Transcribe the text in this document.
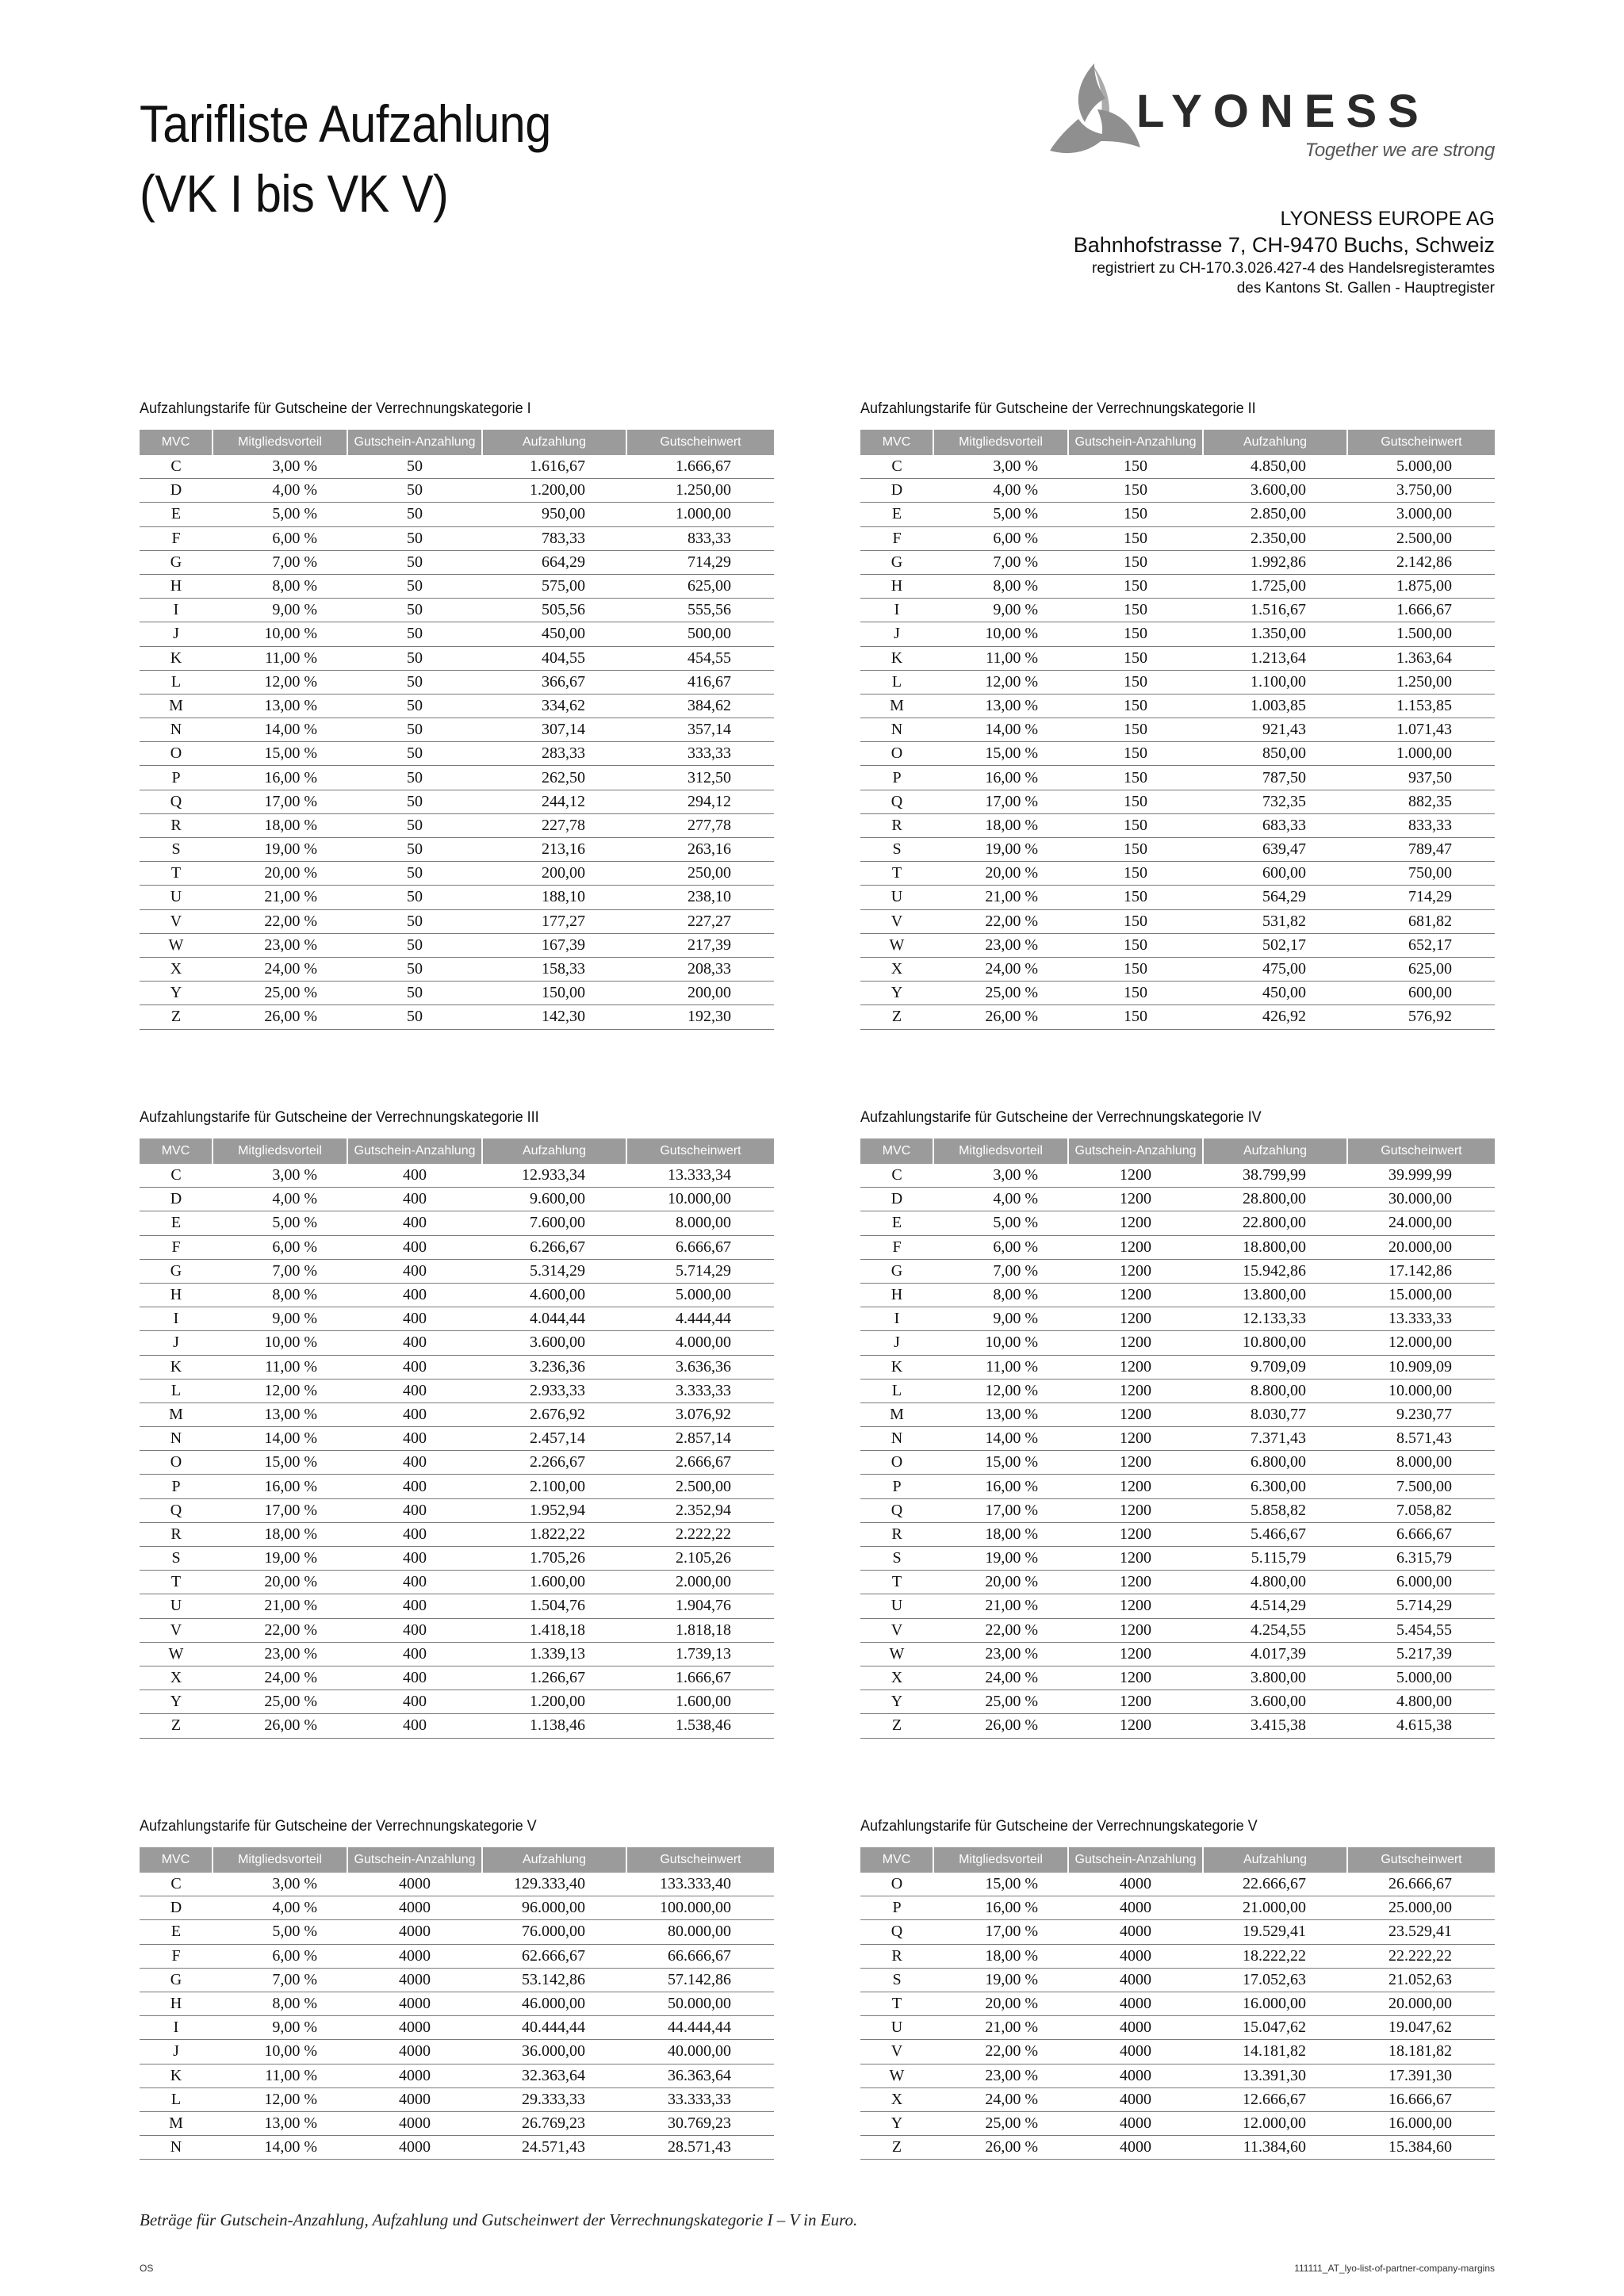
Tarifliste Aufzahlung
(VK I bis VK V)
LYONESS
Together we are strong
LYONESS EUROPE AG
Bahnhofstrasse 7, CH-9470 Buchs, Schweiz
registriert zu CH-170.3.026.427-4 des Handelsregisteramtes
des Kantons St. Gallen - Hauptregister
Aufzahlungstarife für Gutscheine der Verrechnungskategorie I
MVC	Mitgliedsvorteil	Gutschein-Anzahlung	Aufzahlung	Gutscheinwert
C	3,00 %	50	1.616,67	1.666,67
D	4,00 %	50	1.200,00	1.250,00
E	5,00 %	50	950,00	1.000,00
F	6,00 %	50	783,33	833,33
G	7,00 %	50	664,29	714,29
H	8,00 %	50	575,00	625,00
I	9,00 %	50	505,56	555,56
J	10,00 %	50	450,00	500,00
K	11,00 %	50	404,55	454,55
L	12,00 %	50	366,67	416,67
M	13,00 %	50	334,62	384,62
N	14,00 %	50	307,14	357,14
O	15,00 %	50	283,33	333,33
P	16,00 %	50	262,50	312,50
Q	17,00 %	50	244,12	294,12
R	18,00 %	50	227,78	277,78
S	19,00 %	50	213,16	263,16
T	20,00 %	50	200,00	250,00
U	21,00 %	50	188,10	238,10
V	22,00 %	50	177,27	227,27
W	23,00 %	50	167,39	217,39
X	24,00 %	50	158,33	208,33
Y	25,00 %	50	150,00	200,00
Z	26,00 %	50	142,30	192,30
Aufzahlungstarife für Gutscheine der Verrechnungskategorie II
MVC	Mitgliedsvorteil	Gutschein-Anzahlung	Aufzahlung	Gutscheinwert
C	3,00 %	150	4.850,00	5.000,00
D	4,00 %	150	3.600,00	3.750,00
E	5,00 %	150	2.850,00	3.000,00
F	6,00 %	150	2.350,00	2.500,00
G	7,00 %	150	1.992,86	2.142,86
H	8,00 %	150	1.725,00	1.875,00
I	9,00 %	150	1.516,67	1.666,67
J	10,00 %	150	1.350,00	1.500,00
K	11,00 %	150	1.213,64	1.363,64
L	12,00 %	150	1.100,00	1.250,00
M	13,00 %	150	1.003,85	1.153,85
N	14,00 %	150	921,43	1.071,43
O	15,00 %	150	850,00	1.000,00
P	16,00 %	150	787,50	937,50
Q	17,00 %	150	732,35	882,35
R	18,00 %	150	683,33	833,33
S	19,00 %	150	639,47	789,47
T	20,00 %	150	600,00	750,00
U	21,00 %	150	564,29	714,29
V	22,00 %	150	531,82	681,82
W	23,00 %	150	502,17	652,17
X	24,00 %	150	475,00	625,00
Y	25,00 %	150	450,00	600,00
Z	26,00 %	150	426,92	576,92
Aufzahlungstarife für Gutscheine der Verrechnungskategorie III
MVC	Mitgliedsvorteil	Gutschein-Anzahlung	Aufzahlung	Gutscheinwert
C	3,00 %	400	12.933,34	13.333,34
D	4,00 %	400	9.600,00	10.000,00
E	5,00 %	400	7.600,00	8.000,00
F	6,00 %	400	6.266,67	6.666,67
G	7,00 %	400	5.314,29	5.714,29
H	8,00 %	400	4.600,00	5.000,00
I	9,00 %	400	4.044,44	4.444,44
J	10,00 %	400	3.600,00	4.000,00
K	11,00 %	400	3.236,36	3.636,36
L	12,00 %	400	2.933,33	3.333,33
M	13,00 %	400	2.676,92	3.076,92
N	14,00 %	400	2.457,14	2.857,14
O	15,00 %	400	2.266,67	2.666,67
P	16,00 %	400	2.100,00	2.500,00
Q	17,00 %	400	1.952,94	2.352,94
R	18,00 %	400	1.822,22	2.222,22
S	19,00 %	400	1.705,26	2.105,26
T	20,00 %	400	1.600,00	2.000,00
U	21,00 %	400	1.504,76	1.904,76
V	22,00 %	400	1.418,18	1.818,18
W	23,00 %	400	1.339,13	1.739,13
X	24,00 %	400	1.266,67	1.666,67
Y	25,00 %	400	1.200,00	1.600,00
Z	26,00 %	400	1.138,46	1.538,46
Aufzahlungstarife für Gutscheine der Verrechnungskategorie IV
MVC	Mitgliedsvorteil	Gutschein-Anzahlung	Aufzahlung	Gutscheinwert
C	3,00 %	1200	38.799,99	39.999,99
D	4,00 %	1200	28.800,00	30.000,00
E	5,00 %	1200	22.800,00	24.000,00
F	6,00 %	1200	18.800,00	20.000,00
G	7,00 %	1200	15.942,86	17.142,86
H	8,00 %	1200	13.800,00	15.000,00
I	9,00 %	1200	12.133,33	13.333,33
J	10,00 %	1200	10.800,00	12.000,00
K	11,00 %	1200	9.709,09	10.909,09
L	12,00 %	1200	8.800,00	10.000,00
M	13,00 %	1200	8.030,77	9.230,77
N	14,00 %	1200	7.371,43	8.571,43
O	15,00 %	1200	6.800,00	8.000,00
P	16,00 %	1200	6.300,00	7.500,00
Q	17,00 %	1200	5.858,82	7.058,82
R	18,00 %	1200	5.466,67	6.666,67
S	19,00 %	1200	5.115,79	6.315,79
T	20,00 %	1200	4.800,00	6.000,00
U	21,00 %	1200	4.514,29	5.714,29
V	22,00 %	1200	4.254,55	5.454,55
W	23,00 %	1200	4.017,39	5.217,39
X	24,00 %	1200	3.800,00	5.000,00
Y	25,00 %	1200	3.600,00	4.800,00
Z	26,00 %	1200	3.415,38	4.615,38
Aufzahlungstarife für Gutscheine der Verrechnungskategorie V
MVC	Mitgliedsvorteil	Gutschein-Anzahlung	Aufzahlung	Gutscheinwert
C	3,00 %	4000	129.333,40	133.333,40
D	4,00 %	4000	96.000,00	100.000,00
E	5,00 %	4000	76.000,00	80.000,00
F	6,00 %	4000	62.666,67	66.666,67
G	7,00 %	4000	53.142,86	57.142,86
H	8,00 %	4000	46.000,00	50.000,00
I	9,00 %	4000	40.444,44	44.444,44
J	10,00 %	4000	36.000,00	40.000,00
K	11,00 %	4000	32.363,64	36.363,64
L	12,00 %	4000	29.333,33	33.333,33
M	13,00 %	4000	26.769,23	30.769,23
N	14,00 %	4000	24.571,43	28.571,43
Aufzahlungstarife für Gutscheine der Verrechnungskategorie V
MVC	Mitgliedsvorteil	Gutschein-Anzahlung	Aufzahlung	Gutscheinwert
O	15,00 %	4000	22.666,67	26.666,67
P	16,00 %	4000	21.000,00	25.000,00
Q	17,00 %	4000	19.529,41	23.529,41
R	18,00 %	4000	18.222,22	22.222,22
S	19,00 %	4000	17.052,63	21.052,63
T	20,00 %	4000	16.000,00	20.000,00
U	21,00 %	4000	15.047,62	19.047,62
V	22,00 %	4000	14.181,82	18.181,82
W	23,00 %	4000	13.391,30	17.391,30
X	24,00 %	4000	12.666,67	16.666,67
Y	25,00 %	4000	12.000,00	16.000,00
Z	26,00 %	4000	11.384,60	15.384,60

Beträge für Gutschein-Anzahlung, Aufzahlung und Gutscheinwert der Verrechnungskategorie I – V in Euro.

OS	111111_AT_lyo-list-of-partner-company-margins
